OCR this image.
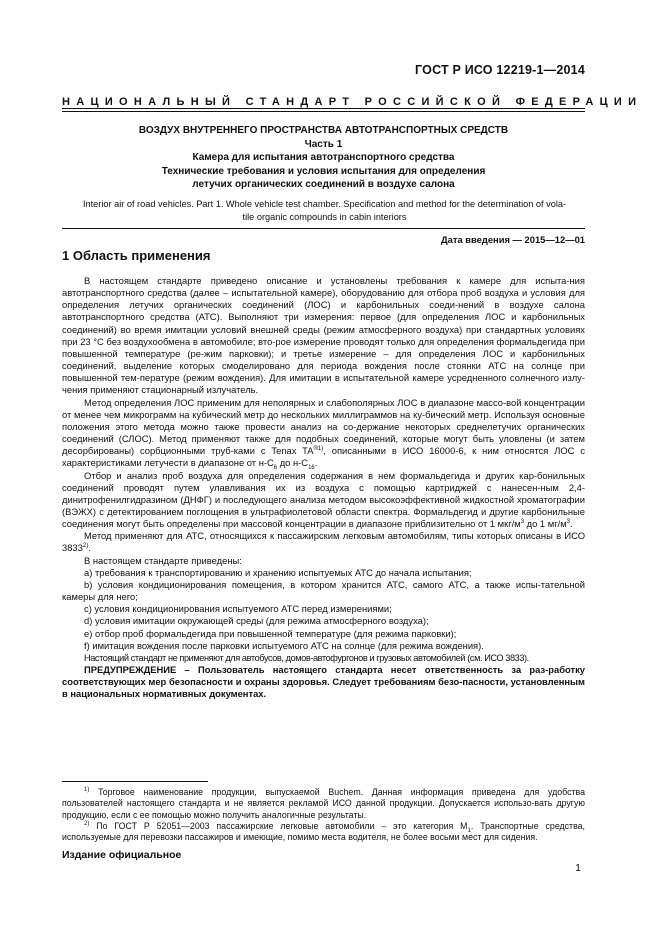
ГОСТ Р ИСО 12219-1—2014
НАЦИОНАЛЬНЫЙ СТАНДАРТ РОССИЙСКОЙ ФЕДЕРАЦИИ
ВОЗДУХ ВНУТРЕННЕГО ПРОСТРАНСТВА АВТОТРАНСПОРТНЫХ СРЕДСТВ
Часть 1
Камера для испытания автотранспортного средства
Технические требования и условия испытания для определения
летучих органических соединений в воздухе салона
Interior air of road vehicles. Part 1. Whole vehicle test chamber. Specification and method for the determination of vola-
tile organic compounds in cabin interiors
Дата введения — 2015—12—01
1 Область применения

В настоящем стандарте приведено описание и установлены требования к камере для испыта-ния автотранспортного средства (далее – испытательной камере), оборудованию для отбора проб воздуха и условия для определения летучих органических соединений (ЛОС) и карбонильных соеди-нений в воздухе салона автотранспортного средства (АТС). Выполняют три измерения: первое (для определения ЛОС и карбонильных соединений) во время имитации условий внешней среды (режим атмосферного воздуха) при стандартных условиях при 23 °С без воздухообмена в автомобиле; вто-рое измерение проводят только для определения формальдегида при повышенной температуре (ре-жим парковки); и третье измерение – для определения ЛОС и карбонильных соединений, выделение которых смоделировано для периода вождения после стоянки АТС на солнце при повышенной тем-пературе (режим вождения). Для имитации в испытательной камере усредненного солнечного излу-чения применяют стационарный излучатель.

Метод определения ЛОС применим для неполярных и слабополярных ЛОС в диапазоне массо-вой концентрации от менее чем микрограмм на кубический метр до нескольких миллиграммов на ку-бический метр. Используя основные положения этого метода можно также провести анализ на со-держание некоторых среднелетучих органических соединений (СЛОС). Метод применяют также для подобных соединений, которые могут быть уловлены (и затем десорбированы) сорбционными труб-ками с Tenax $TA^{®1)}$, описанными в ИСО 16000-6, к ним относятся ЛОС с характеристиками летучести в диапазоне от $н-С_6$ до $н-С_{16}$.

Отбор и анализ проб воздуха для определения содержания в нем формальдегида и других кар-бонильных соединений проводят путем улавливания их из воздуха с помощью картриджей с нанесен-ным 2,4-динитрофенилгидразином (ДНФГ) и последующего анализа методом высокоэффективной жидкостной хроматографии (ВЭЖХ) с детектированием поглощения в ультрафиолетовой области спектра. Формальдегид и другие карбонильные соединения могут быть определены при массовой концентрации в диапазоне приблизительно от 1 мкг/$м^3$ до 1 $мг/м^3$.

Метод применяют для АТС, относящихся к пассажирским легковым автомобилям, типы которых описаны в ИСО 3833$^{2)}$.

В настоящем стандарте приведены:

а) требования к транспортированию и хранению испытуемых АТС до начала испытания;

b) условия кондиционирования помещения, в котором хранится АТС, самого АТС, а также испы-тательной камеры для него;

c) условия кондиционирования испытуемого АТС перед измерениями;

d) условия имитации окружающей среды (для режима атмосферного воздуха);

e) отбор проб формальдегида при повышенной температуре (для режима парковки);

f) имитация вождения после парковки испытуемого АТС на солнце (для режима вождения).

Настоящий стандарт не применяют для автобусов, домов-автофургонов и грузовых автомобилей (см. ИСО 3833).

ПРЕДУПРЕЖДЕНИЕ – Пользователь настоящего стандарта несет ответственность за раз-работку соответствующих мер безопасности и охраны здоровья. Следует требованиям безо-пасности, установленным в национальных нормативных документах.

$^{1)}$ Торговое наименование продукции, выпускаемой Buchem. Данная информация приведена для удобства пользователей настоящего стандарта и не является рекламой ИСО данной продукции. Допускается использо-вать другую продукцию, если с ее помощью можно получить аналогичные результаты.

$^{2)}$ По ГОСТ Р 52051—2003 пассажирские легковые автомобили – это категория $М_1$. Транспортные средства, используемые для перевозки пассажиров и имеющие, помимо места водителя, не более восьми мест для сидения.

Издание официальное
1
